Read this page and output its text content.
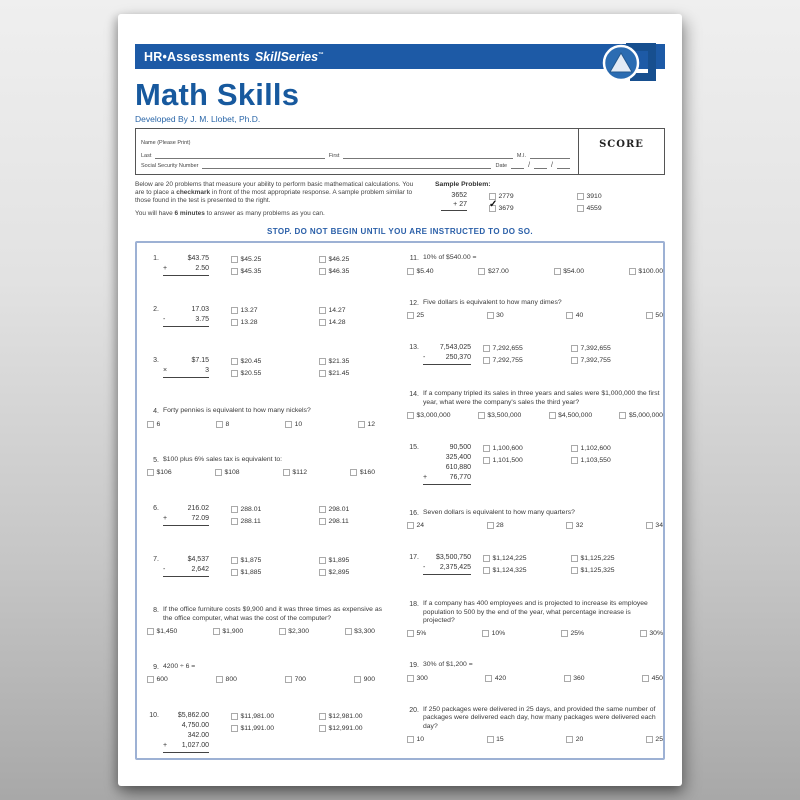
HR•Assessments SkillSeries™
Math Skills
Developed By J. M. Llobet, Ph.D.
Name (Please Print)
Last	First	M.I.
Social Security Number	Date	/	/
SCORE

Below are 20 problems that measure your ability to perform basic mathematical calculations. You are to place a checkmark in front of the most appropriate response. A sample problem similar to those found in the test is presented to the right.

You will have 6 minutes to answer as many problems as you can.

Sample Problem:
3652
+ 27
2779
✓ 3679
3910
4559
STOP. DO NOT BEGIN UNTIL YOU ARE INSTRUCTED TO DO SO.
1.	$43.75
+	2.50
$45.25
$45.35
$46.25
$46.35
2.	17.03
-	3.75
13.27
13.28
14.27
14.28
3.	$7.15
×	3
$20.45
$20.55
$21.35
$21.45
4. Forty pennies is equivalent to how many nickels?
6	8	10	12
5. $100 plus 6% sales tax is equivalent to:
$106	$108	$112	$160
6.	216.02
+	72.09
288.01
288.11
298.01
298.11
7.	$4,537
-	2,642
$1,875
$1,885
$1,895
$2,895
8. If the office furniture costs $9,900 and it was three times as expensive as the office computer, what was the cost of the computer?
$1,450	$1,900	$2,300	$3,300
9. 4200 ÷ 6 =
600	800	700	900
10.	$5,862.00
4,750.00
342.00
+ 1,027.00
$11,981.00
$11,991.00
$12,981.00
$12,991.00
11. 10% of $540.00 =
$5.40	$27.00	$54.00	$100.00
12. Five dollars is equivalent to how many dimes?
25	30	40	50
13.	7,543,025
-	250,370
7,292,655
7,292,755
7,392,655
7,392,755
14. If a company tripled its sales in three years and sales were $1,000,000 the first year, what were the company's sales the third year?
$3,000,000	$3,500,000	$4,500,000	$5,000,000
15.	90,500
325,400
610,880
+	76,770
1,100,600
1,101,500
1,102,600
1,103,550
16. Seven dollars is equivalent to how many quarters?
24	28	32	34
17.	$3,500,750
- 2,375,425
$1,124,225
$1,124,325
$1,125,225
$1,125,325
18. If a company has 400 employees and is projected to increase its employee population to 500 by the end of the year, what percentage increase is projected?
5%	10%	25%	30%
19. 30% of $1,200 =
300	420	360	450
20. If 250 packages were delivered in 25 days, and provided the same number of packages were delivered each day, how many packages were delivered each day?
10	15	20	25
